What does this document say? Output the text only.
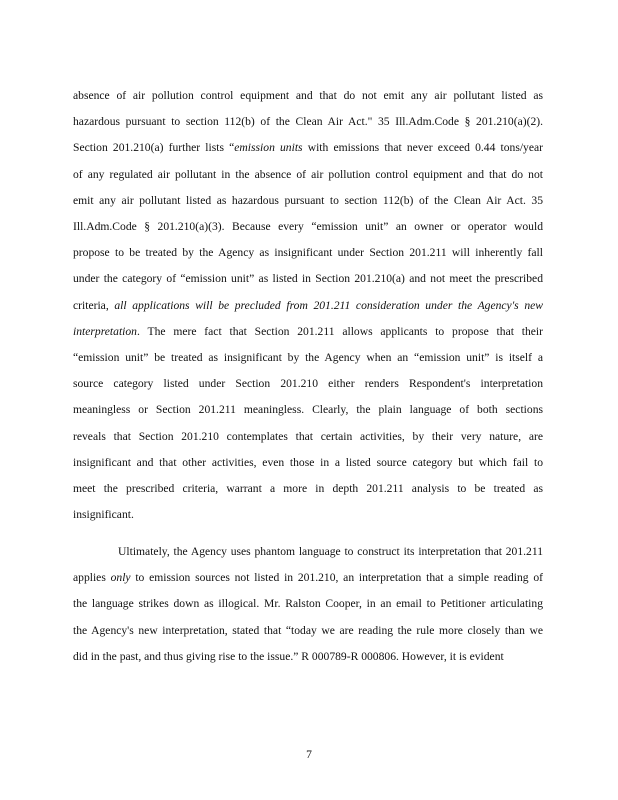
absence of air pollution control equipment and that do not emit any air pollutant listed as
hazardous pursuant to section 112(b) of the Clean Air Act." 35 Ill.Adm.Code § 201.210(a)(2).
Section 201.210(a) further lists “emission units with emissions that never exceed 0.44 tons/year
of any regulated air pollutant in the absence of air pollution control equipment and that do not
emit any air pollutant listed as hazardous pursuant to section 112(b) of the Clean Air Act. 35
Ill.Adm.Code § 201.210(a)(3). Because every “emission unit” an owner or operator would
propose to be treated by the Agency as insignificant under Section 201.211 will inherently fall
under the category of “emission unit” as listed in Section 201.210(a) and not meet the prescribed
criteria, all applications will be precluded from 201.211 consideration under the Agency's new
interpretation. The mere fact that Section 201.211 allows applicants to propose that their
“emission unit” be treated as insignificant by the Agency when an “emission unit” is itself a
source category listed under Section 201.210 either renders Respondent's interpretation
meaningless or Section 201.211 meaningless. Clearly, the plain language of both sections
reveals that Section 201.210 contemplates that certain activities, by their very nature, are
insignificant and that other activities, even those in a listed source category but which fail to
meet the prescribed criteria, warrant a more in depth 201.211 analysis to be treated as
insignificant.
Ultimately, the Agency uses phantom language to construct its interpretation that 201.211
applies only to emission sources not listed in 201.210, an interpretation that a simple reading of
the language strikes down as illogical. Mr. Ralston Cooper, in an email to Petitioner articulating
the Agency's new interpretation, stated that “today we are reading the rule more closely than we
did in the past, and thus giving rise to the issue.” R 000789-R 000806. However, it is evident
7
